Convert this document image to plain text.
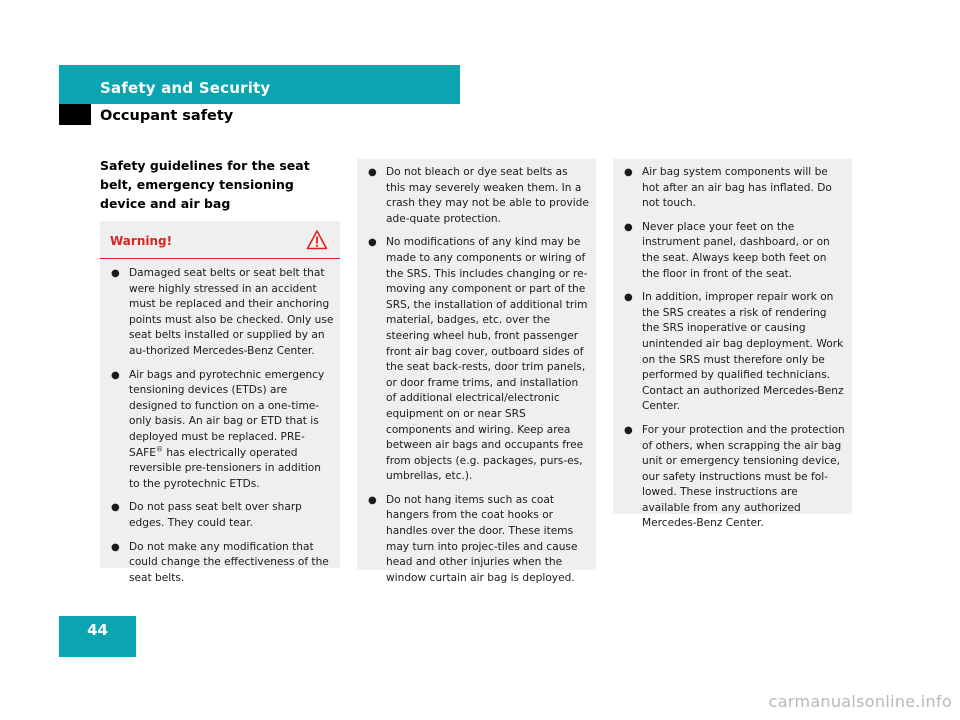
Safety and Security
Occupant safety
Safety guidelines for the seat belt, emergency tensioning device and air bag
Warning!
● Damaged seat belts or seat belt that were highly stressed in an accident must be replaced and their anchoring points must also be checked. Only use seat belts installed or supplied by an au-thorized Mercedes-Benz Center.
● Air bags and pyrotechnic emergency tensioning devices (ETDs) are designed to function on a one-time-only basis. An air bag or ETD that is deployed must be replaced. PRE-SAFE® has electrically operated reversible pre-tensioners in addition to the pyrotechnic ETDs.
● Do not pass seat belt over sharp edges. They could tear.
● Do not make any modification that could change the effectiveness of the seat belts.
● Do not bleach or dye seat belts as this may severely weaken them. In a crash they may not be able to provide ade-quate protection.
● No modifications of any kind may be made to any components or wiring of the SRS. This includes changing or re-moving any component or part of the SRS, the installation of additional trim material, badges, etc. over the steering wheel hub, front passenger front air bag cover, outboard sides of the seat back-rests, door trim panels, or door frame trims, and installation of additional electrical/electronic equipment on or near SRS components and wiring. Keep area between air bags and occupants free from objects (e.g. packages, purs-es, umbrellas, etc.).
● Do not hang items such as coat hangers from the coat hooks or handles over the door. These items may turn into projec-tiles and cause head and other injuries when the window curtain air bag is deployed.
● Air bag system components will be hot after an air bag has inflated. Do not touch.
● Never place your feet on the instrument panel, dashboard, or on the seat. Always keep both feet on the floor in front of the seat.
● In addition, improper repair work on the SRS creates a risk of rendering the SRS inoperative or causing unintended air bag deployment. Work on the SRS must therefore only be performed by qualified technicians. Contact an authorized Mercedes-Benz Center.
● For your protection and the protection of others, when scrapping the air bag unit or emergency tensioning device, our safety instructions must be fol-lowed. These instructions are available from any authorized Mercedes-Benz Center.
44
carmanualsonline.info
